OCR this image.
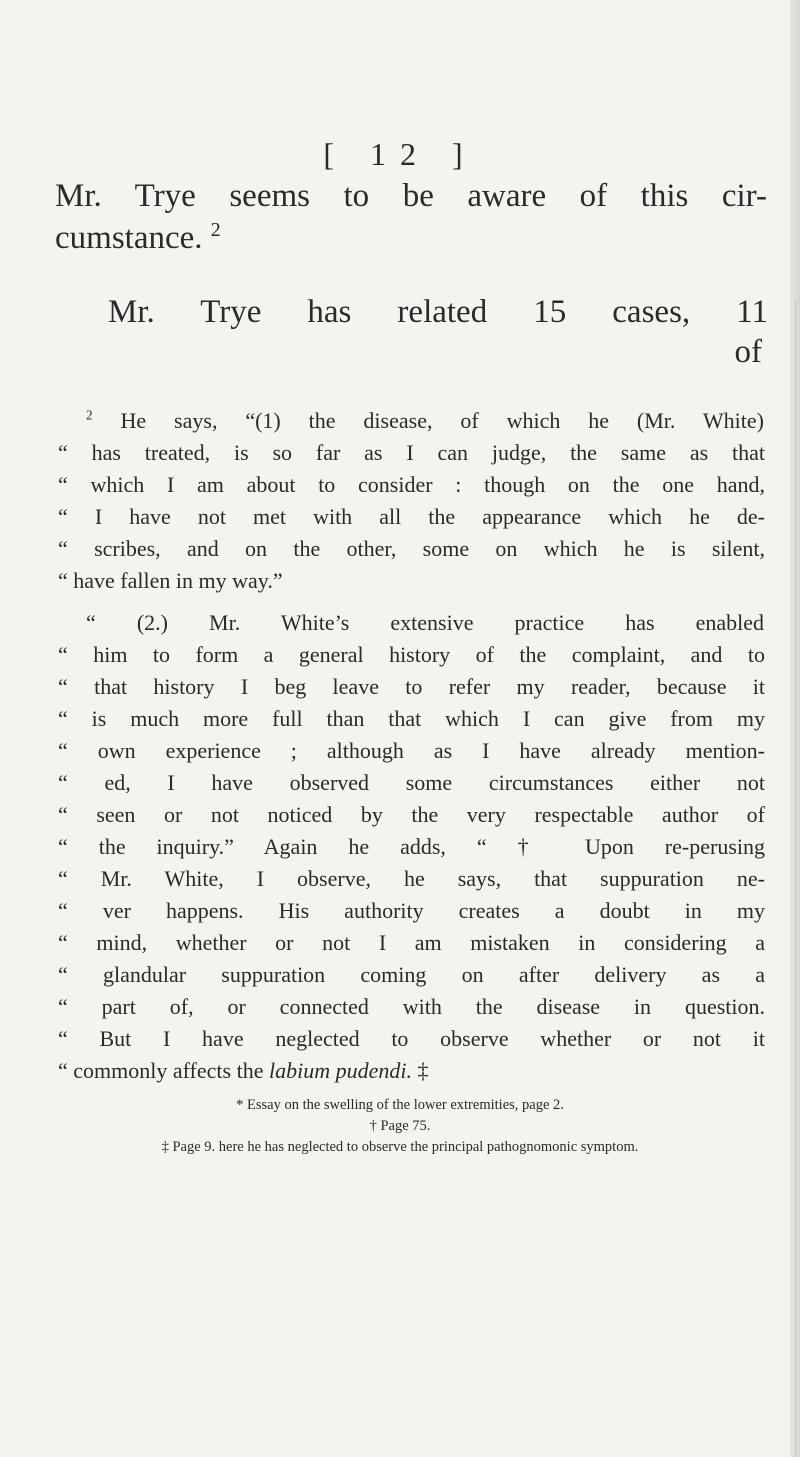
[ 12 ]
Mr. Trye seems to be aware of this cir-
cumstance. $^2$
Mr. Trye has related 15 cases, 11
of
$^2$ He says, “(1) the disease, of which he (Mr. White)
“ has treated, is so far as I can judge, the same as that
“ which I am about to consider : though on the one hand,
“ I have not met with all the appearance which he de-
“ scribes, and on the other, some on which he is silent,
“ have fallen in my way.”
“ (2.) Mr. White’s extensive practice has enabled
“ him to form a general history of the complaint, and to
“ that history I beg leave to refer my reader, because it
“ is much more full than that which I can give from my
“ own experience ; although as I have already mention-
“ ed, I have observed some circumstances either not
“ seen or not noticed by the very respectable author of
“ the inquiry.” Again he adds, “ † Upon re-perusing
“ Mr. White, I observe, he says, that suppuration ne-
“ ver happens. His authority creates a doubt in my
“ mind, whether or not I am mistaken in considering a
“ glandular suppuration coming on after delivery as a
“ part of, or connected with the disease in question.
“ But I have neglected to observe whether or not it
“ commonly affects the labium pudendi. ‡
* Essay on the swelling of the lower extremities, page 2.
† Page 75.
‡ Page 9. here he has neglected to observe the principal pathognomonic symptom.
